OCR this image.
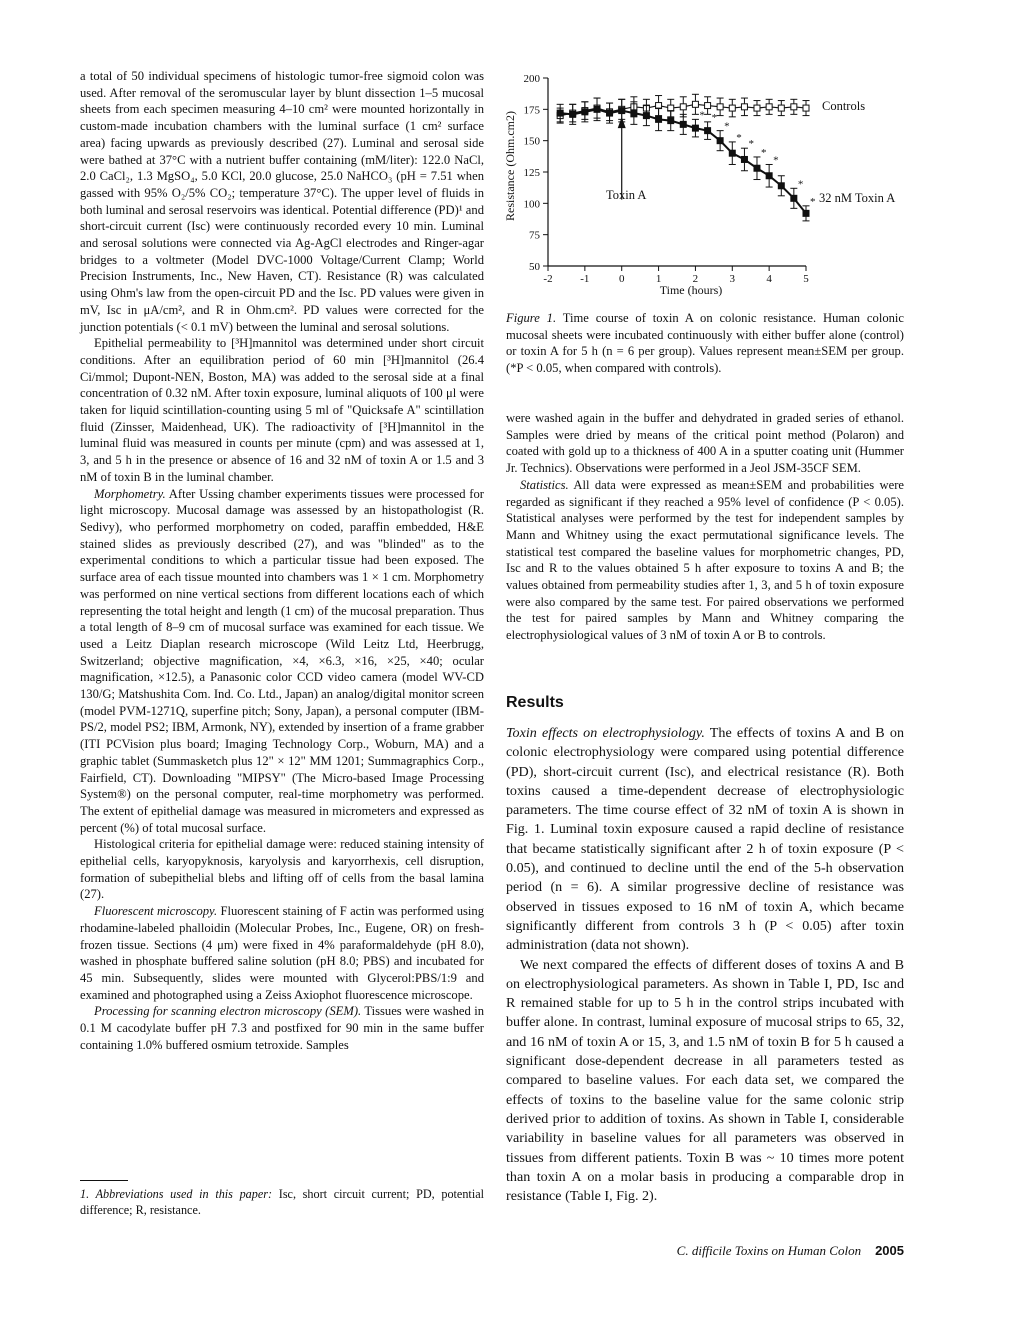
a total of 50 individual specimens of histologic tumor-free sigmoid colon was used. After removal of the seromuscular layer by blunt dissection 1–5 mucosal sheets from each specimen measuring 4–10 cm² were mounted horizontally in custom-made incubation chambers with the luminal surface (1 cm² surface area) facing upwards as previously described (27). Luminal and serosal side were bathed at 37°C with a nutrient buffer containing (mM/liter): 122.0 NaCl, 2.0 CaCl₂, 1.3 MgSO₄, 5.0 KCl, 20.0 glucose, 25.0 NaHCO₃ (pH = 7.51 when gassed with 95% O₂/5% CO₂; temperature 37°C). The upper level of fluids in both luminal and serosal reservoirs was identical. Potential difference (PD)¹ and short-circuit current (Isc) were continuously recorded every 10 min. Luminal and serosal solutions were connected via Ag-AgCl electrodes and Ringer-agar bridges to a voltmeter (Model DVC-1000 Voltage/Current Clamp; World Precision Instruments, Inc., New Haven, CT). Resistance (R) was calculated using Ohm's law from the open-circuit PD and the Isc. PD values were given in mV, Isc in μA/cm², and R in Ohm.cm². PD values were corrected for the junction potentials (< 0.1 mV) between the luminal and serosal solutions.

Epithelial permeability to [³H]mannitol was determined under short circuit conditions. After an equilibration period of 60 min [³H]mannitol (26.4 Ci/mmol; Dupont-NEN, Boston, MA) was added to the serosal side at a final concentration of 0.32 nM. After toxin exposure, luminal aliquots of 100 μl were taken for liquid scintillation-counting using 5 ml of "Quicksafe A" scintillation fluid (Zinsser, Maidenhead, UK). The radioactivity of [³H]mannitol in the luminal fluid was measured in counts per minute (cpm) and was assessed at 1, 3, and 5 h in the presence or absence of 16 and 32 nM of toxin A or 1.5 and 3 nM of toxin B in the luminal chamber.

Morphometry. After Ussing chamber experiments tissues were processed for light microscopy. Mucosal damage was assessed by an histopathologist (R. Sedivy), who performed morphometry on coded, paraffin embedded, H&E stained slides as previously described (27), and was "blinded" as to the experimental conditions to which a particular tissue had been exposed. The surface area of each tissue mounted into chambers was 1 × 1 cm. Morphometry was performed on nine vertical sections from different locations each of which representing the total height and length (1 cm) of the mucosal preparation. Thus a total length of 8–9 cm of mucosal surface was examined for each tissue. We used a Leitz Diaplan research microscope (Wild Leitz Ltd, Heerbrugg, Switzerland; objective magnification, ×4, ×6.3, ×16, ×25, ×40; ocular magnification, ×12.5), a Panasonic color CCD video camera (model WV-CD 130/G; Matshushita Com. Ind. Co. Ltd., Japan) an analog/digital monitor screen (model PVM-1271Q, superfine pitch; Sony, Japan), a personal computer (IBM-PS/2, model PS2; IBM, Armonk, NY), extended by insertion of a frame grabber (ITI PCVision plus board; Imaging Technology Corp., Woburn, MA) and a graphic tablet (Summasketch plus 12" × 12" MM 1201; Summagraphics Corp., Fairfield, CT). Downloading "MIPSY" (The Micro-based Image Processing System®) on the personal computer, real-time morphometry was performed. The extent of epithelial damage was measured in micrometers and expressed as percent (%) of total mucosal surface.

Histological criteria for epithelial damage were: reduced staining intensity of epithelial cells, karyopyknosis, karyolysis and karyorrhexis, cell disruption, formation of subepithelial blebs and lifting off of cells from the basal lamina (27).

Fluorescent microscopy. Fluorescent staining of F actin was performed using rhodamine-labeled phalloidin (Molecular Probes, Inc., Eugene, OR) on fresh-frozen tissue. Sections (4 μm) were fixed in 4% paraformaldehyde (pH 8.0), washed in phosphate buffered saline solution (pH 8.0; PBS) and incubated for 45 min. Subsequently, slides were mounted with Glycerol:PBS/1:9 and examined and photographed using a Zeiss Axiophot fluorescence microscope.

Processing for scanning electron microscopy (SEM). Tissues were washed in 0.1 M cacodylate buffer pH 7.3 and postfixed for 90 min in the same buffer containing 1.0% buffered osmium tetroxide. Samples

1. Abbreviations used in this paper: Isc, short circuit current; PD, potential difference; R, resistance.
Resistance (Ohm.cm2)
Time (hours)
Controls
Toxin A	32 nM Toxin A
50
75
100
125
150
175
200
-2	-1	0	1	2	3	4	5
* *
*
*
*
*
*
*
*
Figure 1. Time course of toxin A on colonic resistance. Human colonic mucosal sheets were incubated continuously with either buffer alone (control) or toxin A for 5 h (n = 6 per group). Values represent mean±SEM per group. (*P < 0.05, when compared with controls).

were washed again in the buffer and dehydrated in graded series of ethanol. Samples were dried by means of the critical point method (Polaron) and coated with gold up to a thickness of 400 A in a sputter coating unit (Hummer Jr. Technics). Observations were performed in a Jeol JSM-35CF SEM.

Statistics. All data were expressed as mean±SEM and probabilities were regarded as significant if they reached a 95% level of confidence (P < 0.05). Statistical analyses were performed by the test for independent samples by Mann and Whitney using the exact permutational significance levels. The statistical test compared the baseline values for morphometric changes, PD, Isc and R to the values obtained 5 h after exposure to toxins A and B; the values obtained from permeability studies after 1, 3, and 5 h of toxin exposure were also compared by the same test. For paired observations we performed the test for paired samples by Mann and Whitney comparing the electrophysiological values of 3 nM of toxin A or B to controls.

Results

Toxin effects on electrophysiology. The effects of toxins A and B on colonic electrophysiology were compared using potential difference (PD), short-circuit current (Isc), and electrical resistance (R). Both toxins caused a time-dependent decrease of electrophysiologic parameters. The time course effect of 32 nM of toxin A is shown in Fig. 1. Luminal toxin exposure caused a rapid decline of resistance that became statistically significant after 2 h of toxin exposure (P < 0.05), and continued to decline until the end of the 5-h observation period (n = 6). A similar progressive decline of resistance was observed in tissues exposed to 16 nM of toxin A, which became significantly different from controls 3 h (P < 0.05) after toxin administration (data not shown).

We next compared the effects of different doses of toxins A and B on electrophysiological parameters. As shown in Table I, PD, Isc and R remained stable for up to 5 h in the control strips incubated with buffer alone. In contrast, luminal exposure of mucosal strips to 65, 32, and 16 nM of toxin A or 15, 3, and 1.5 nM of toxin B for 5 h caused a significant dose-dependent decrease in all parameters tested as compared to baseline values. For each data set, we compared the effects of toxins to the baseline value for the same colonic strip derived prior to addition of toxins. As shown in Table I, considerable variability in baseline values for all parameters was observed in tissues from different patients. Toxin B was ~ 10 times more potent than toxin A on a molar basis in producing a comparable drop in resistance (Table I, Fig. 2).

C. difficile Toxins on Human Colon 2005
